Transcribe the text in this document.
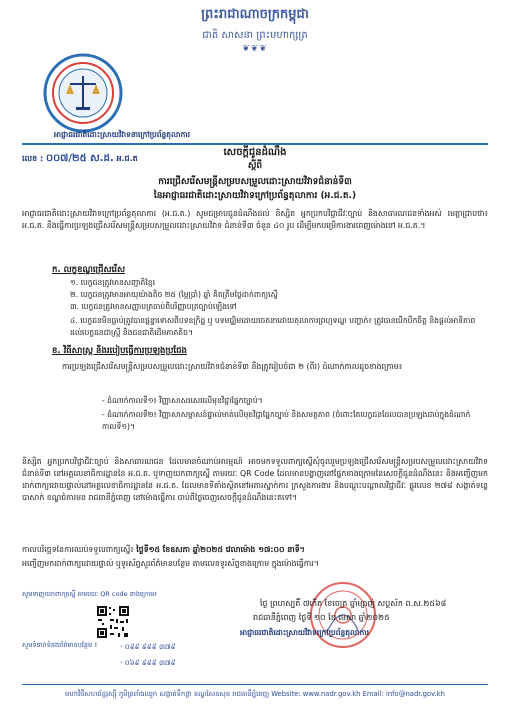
ព្រះរាជាណាចក្រកម្ពុជា
ជាតិ សាសនា ព្រះមហាក្សត្រ
❦❦❦
អាជ្ញាធរជាតិដោះស្រាយវិវាទនាក្រៅប្រព័ន្ធតុលាការ
លេខ : ០០៧/២៥ ស.ដ. អ.ជ.ត
សេចក្តីជូនដំណឹង
ស្តីពី
ការជ្រើសរើសមន្ត្រីសម្របសម្រួលដោះស្រាយវិវាទជំនាន់ទី៣
នៃអាជ្ញាធរជាតិដោះស្រាយវិវាទក្រៅប្រព័ន្ធតុលាការ (អ.ជ.ត.)
អាជ្ញាធរជាតិដោះស្រាយវិវាទក្រៅប្រព័ន្ធតុលាការ (អ.ជ.ត.) សូមជម្រាបជូនដំណឹងដល់ និស្សិត អ្នកប្រកបវិជ្ជាជីវៈច្បាប់ និងសាធារណជនទាំងអស់ មេត្តាជ្រាបថា៖ អ.ជ.ត. នឹងធ្វើការប្រឡងជ្រើសរើសមន្ត្រីសម្របសម្រួលដោះស្រាយវិវាទ ជំនាន់ទី៣ ចំនួន ៤០ រូប ដើម្បីមកបម្រើការងារពេញម៉ោងនៅ អ.ជ.ត.។
ក. លក្ខខណ្ឌជ្រើសរើស
១. បេក្ខជនត្រូវមានសញ្ជាតិខ្មែរ
២. បេក្ខជនត្រូវមានអាយុយ៉ាងតិច ២៥ (ម្ភៃប្រាំ) ឆ្នាំ គិតត្រឹមថ្ងៃដាក់ពាក្យស្នើ
៣. បេក្ខជនត្រូវមានសញ្ញាបត្រចាប់ពីបរិញ្ញាបត្រច្បាប់ឡើងទៅ
៤. បេក្ខជនមិនធ្លាប់ត្រូវបានផ្តន្ទាទោសពីបទឧក្រិដ្ឋ ឬ បទមជ្ឈិមដោយចេតនាដោយតុលាការព្រហ្មទណ្ឌ បញ្ហាក់៖ ត្រូវបានបើកបឹកចិត្ត និងផ្តល់អាទិភាពដល់បេក្ខជនជាស្ត្រី និងជនជាតិដើមភាគតិច។
ខ. វិធីសាស្ត្រ និងរបៀបធ្វើការប្រឡងប្រជែង
ការប្រឡងជ្រើសរើសមន្ត្រីសម្របសម្រួលដោះស្រាយវិវាទជំនាន់ទី៣ នឹងត្រូវរៀបចំជា ២ (ពីរ) ដំណាក់កាលដូចខាងក្រោម៖
- ដំណាក់កាលទី១៖ វិញ្ញាសាសរសេរលើមុខវិជ្ជាផ្នែកច្បាប់។
- ដំណាក់កាលទី២៖ វិញ្ញាសាសម្ភាសន៍ផ្ទាល់មាត់លើមុខវិជ្ជាផ្នែកច្បាប់ និងសមត្ថភាព (ចំពោះតែបេក្ខជនដែលបានប្រឡងជាប់ក្នុងដំណាក់កាលទី១)។
និស្សិត អ្នកប្រកបវិជ្ជាជីវៈច្បាប់ និងសាធារណជន ដែលមានចំណាប់អារម្មណ៍ អាចមកទទួលពាក្យស្នើសុំចូលរួមប្រឡងជ្រើសរើសមន្ត្រីសម្របសម្រួលដោះស្រាយវិវាទជំនាន់ទី៣ នៅអគ្គលេខាធិការដ្ឋាននៃ អ.ជ.ត. ឬទាញយកពាក្យស្នើ តាមរយៈ QR Code ដែលមានបង្ហាញនៅផ្នែកខាងក្រោមនៃសេចក្តីជូនដំណឹងនេះ និងអញ្ជើញមកដាក់ពាក្យដោយផ្ទាល់នៅអគ្គលេខាធិការដ្ឋាននៃ អ.ជ.ត. ដែលមានទីតាំងស្ថិតនៅអគារស្នាក់ការ ក្រសួងការងារ និងបណ្តុះបណ្តាលវិជ្ជាជីវៈ ផ្លូវលេខ ២៧៨ សង្កាត់ទន្លេបាសាក់ ខណ្ឌចំការមន រាជធានីភ្នំពេញ នៅម៉ោងធ្វើការ ចាប់ពីថ្ងៃចេញសេចក្តីជូនដំណឹងនេះតទៅ។
កាលបរិច្ឆេទនៃការឈប់ទទួលពាក្យស្នើ៖ ថ្ងៃទី១៥ ខែឧសភា ឆ្នាំ២០២៥ វេលាម៉ោង ១៧:០០ នាទី។
អញ្ជើញមកដាក់ពាក្យដោយផ្ទាល់ ឬទូរស័ព្ទសួរព័ត៌មានបន្ថែម តាមលេខទូរស័ព្ទខាងក្រោម ក្នុងម៉ោងធ្វើការ។
ថ្ងៃ ព្រហស្បតិ៍ ៧កើត ខែចេត្រ ឆ្នាំម្សាញ់ សប្តស័ក ព.ស.២៥៦៨
រាជធានីភ្នំពេញ ថ្ងៃទី ១០ ខែ មេសា ឆ្នាំ២០២៥
អាជ្ញាធរជាតិដោះស្រាយវិវាទក្រៅប្រព័ន្ធតុលាការ
សូមទាញយកពាក្យស្នើ តាមរយៈ QR code ខាងក្រោម៖
សូមទំនាក់ទំនងព័ត៌មានបន្ថែម ៖	- ០៩៩ ៩៩៩ ៣៧៩
- ០៦៩ ៩៩៩ ៣៧៩
មហាវិថីសហព័ន្ធរុស្ស៊ី ភូមិត្រពាំងឈូក សង្កាត់ទឹកថ្លា ខណ្ឌសែនសុខ រាជធានីភ្នំពេញ Website: www.nadr.gov.kh Email: info@nadr.gov.kh
